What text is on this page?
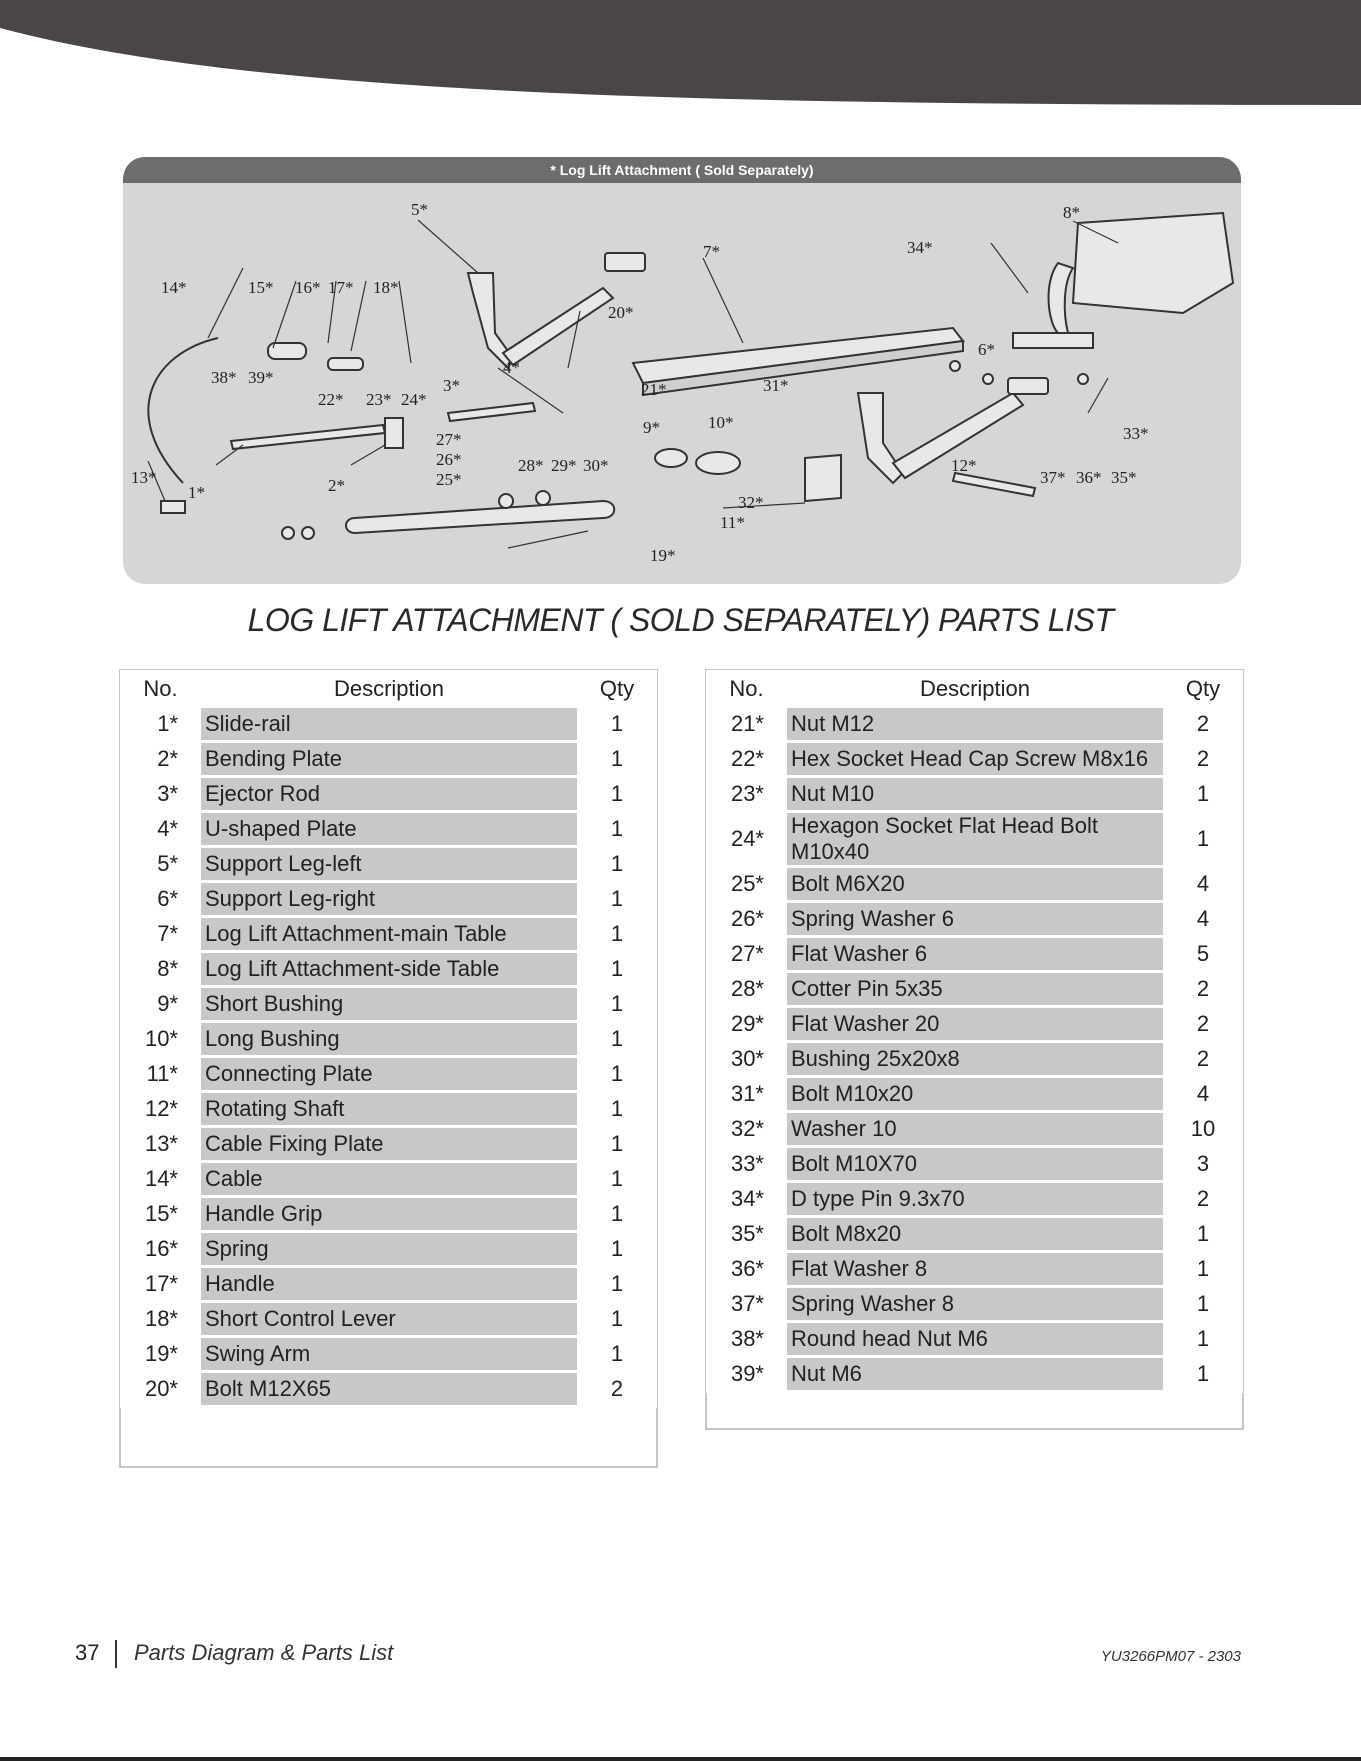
* Log Lift Attachment ( Sold Separately)
5*
7*
8*
34*
14*	15* 16* 17* 18*
20*
6*
4*
38* 39*	3*	21*	31*
22* 23* 24*
33*
9*	10*
27*
26*
25*
28* 29* 30*	12*
37* 36* 35*
13*
1*	2*
32*
11*
19*
LOG LIFT ATTACHMENT ( SOLD SEPARATELY) PARTS LIST
No.	Description	Qty
1*	Slide-rail	1
2*	Bending Plate	1
3*	Ejector Rod	1
4*	U-shaped Plate	1
5*	Support Leg-left	1
6*	Support Leg-right	1
7*	Log Lift Attachment-main Table	1
8*	Log Lift Attachment-side Table	1
9*	Short Bushing	1
10*	Long Bushing	1
11*	Connecting Plate	1
12*	Rotating Shaft	1
13*	Cable Fixing Plate	1
14*	Cable	1
15*	Handle Grip	1
16*	Spring	1
17*	Handle	1
18*	Short Control Lever	1
19*	Swing Arm	1
20*	Bolt M12X65	2
No.	Description	Qty
21*	Nut M12	2
22*	Hex Socket Head Cap Screw M8x16	2
23*	Nut M10	1
24*	Hexagon Socket Flat Head Bolt M10x40	1
25*	Bolt M6X20	4
26*	Spring Washer 6	4
27*	Flat Washer 6	5
28*	Cotter Pin 5x35	2
29*	Flat Washer 20	2
30*	Bushing 25x20x8	2
31*	Bolt M10x20	4
32*	Washer 10	10
33*	Bolt M10X70	3
34*	D type Pin 9.3x70	2
35*	Bolt M8x20	1
36*	Flat Washer 8	1
37*	Spring Washer 8	1
38*	Round head Nut M6	1
39*	Nut M6	1
37 Parts Diagram & Parts List	YU3266PM07 - 2303
